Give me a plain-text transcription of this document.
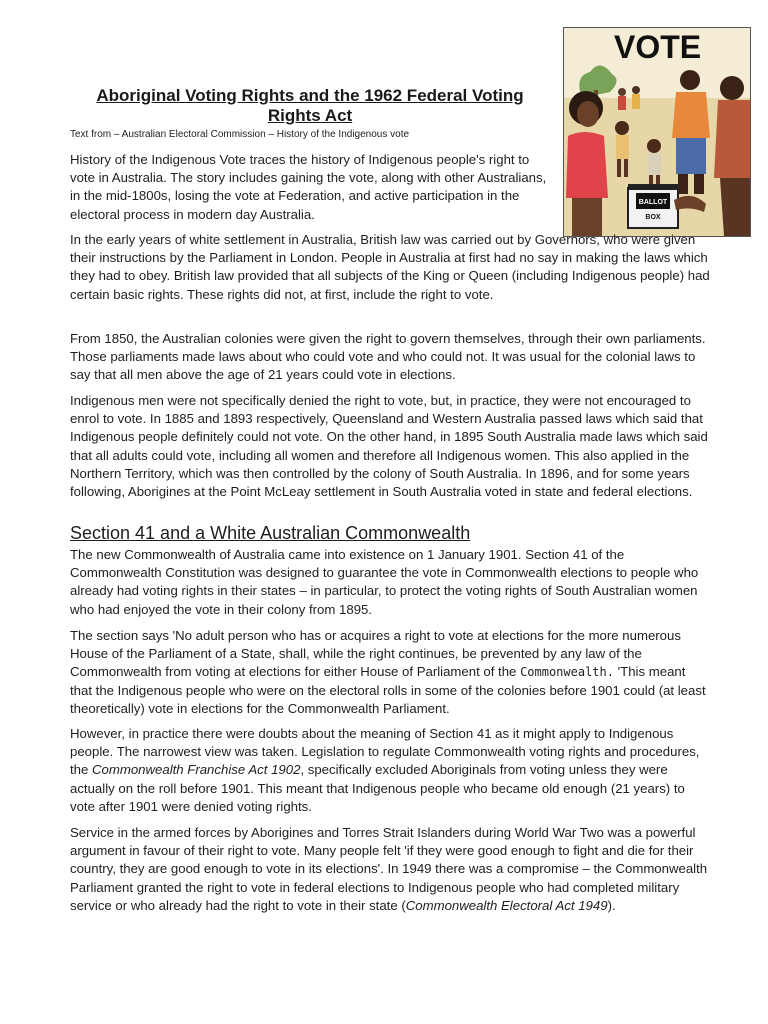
VOTE
BALLOT
BOX
Aboriginal Voting Rights and the 1962 Federal Voting Rights Act

Text from – Australian Electoral Commission – History of the Indigenous vote

History of the Indigenous Vote traces the history of Indigenous people's right to vote in Australia. The story includes gaining the vote, along with other Australians, in the mid-1800s, losing the vote at Federation, and active participation in the electoral process in modern day Australia.

In the early years of white settlement in Australia, British law was carried out by Governors, who were given their instructions by the Parliament in London. People in Australia at first had no say in making the laws which they had to obey. British law provided that all subjects of the King or Queen (including Indigenous people) had certain basic rights. These rights did not, at first, include the right to vote.

From 1850, the Australian colonies were given the right to govern themselves, through their own parliaments. Those parliaments made laws about who could vote and who could not. It was usual for the colonial laws to say that all men above the age of 21 years could vote in elections.

Indigenous men were not specifically denied the right to vote, but, in practice, they were not encouraged to enrol to vote. In 1885 and 1893 respectively, Queensland and Western Australia passed laws which said that Indigenous people definitely could not vote. On the other hand, in 1895 South Australia made laws which said that all adults could vote, including all women and therefore all Indigenous women. This also applied in the Northern Territory, which was then controlled by the colony of South Australia. In 1896, and for some years following, Aborigines at the Point McLeay settlement in South Australia voted in state and federal elections.

Section 41 and a White Australian Commonwealth

The new Commonwealth of Australia came into existence on 1 January 1901. Section 41 of the Commonwealth Constitution was designed to guarantee the vote in Commonwealth elections to people who already had voting rights in their states – in particular, to protect the voting rights of South Australian women who had enjoyed the vote in their colony from 1895.

The section says 'No adult person who has or acquires a right to vote at elections for the more numerous House of the Parliament of a State, shall, while the right continues, be prevented by any law of the Commonwealth from voting at elections for either House of Parliament of the Commonwealth. 'This meant that the Indigenous people who were on the electoral rolls in some of the colonies before 1901 could (at least theoretically) vote in elections for the Commonwealth Parliament.

However, in practice there were doubts about the meaning of Section 41 as it might apply to Indigenous people. The narrowest view was taken. Legislation to regulate Commonwealth voting rights and procedures, the Commonwealth Franchise Act 1902, specifically excluded Aboriginals from voting unless they were actually on the roll before 1901. This meant that Indigenous people who became old enough (21 years) to vote after 1901 were denied voting rights.

Service in the armed forces by Aborigines and Torres Strait Islanders during World War Two was a powerful argument in favour of their right to vote. Many people felt 'if they were good enough to fight and die for their country, they are good enough to vote in its elections'. In 1949 there was a compromise – the Commonwealth Parliament granted the right to vote in federal elections to Indigenous people who had completed military service or who already had the right to vote in their state (Commonwealth Electoral Act 1949).
